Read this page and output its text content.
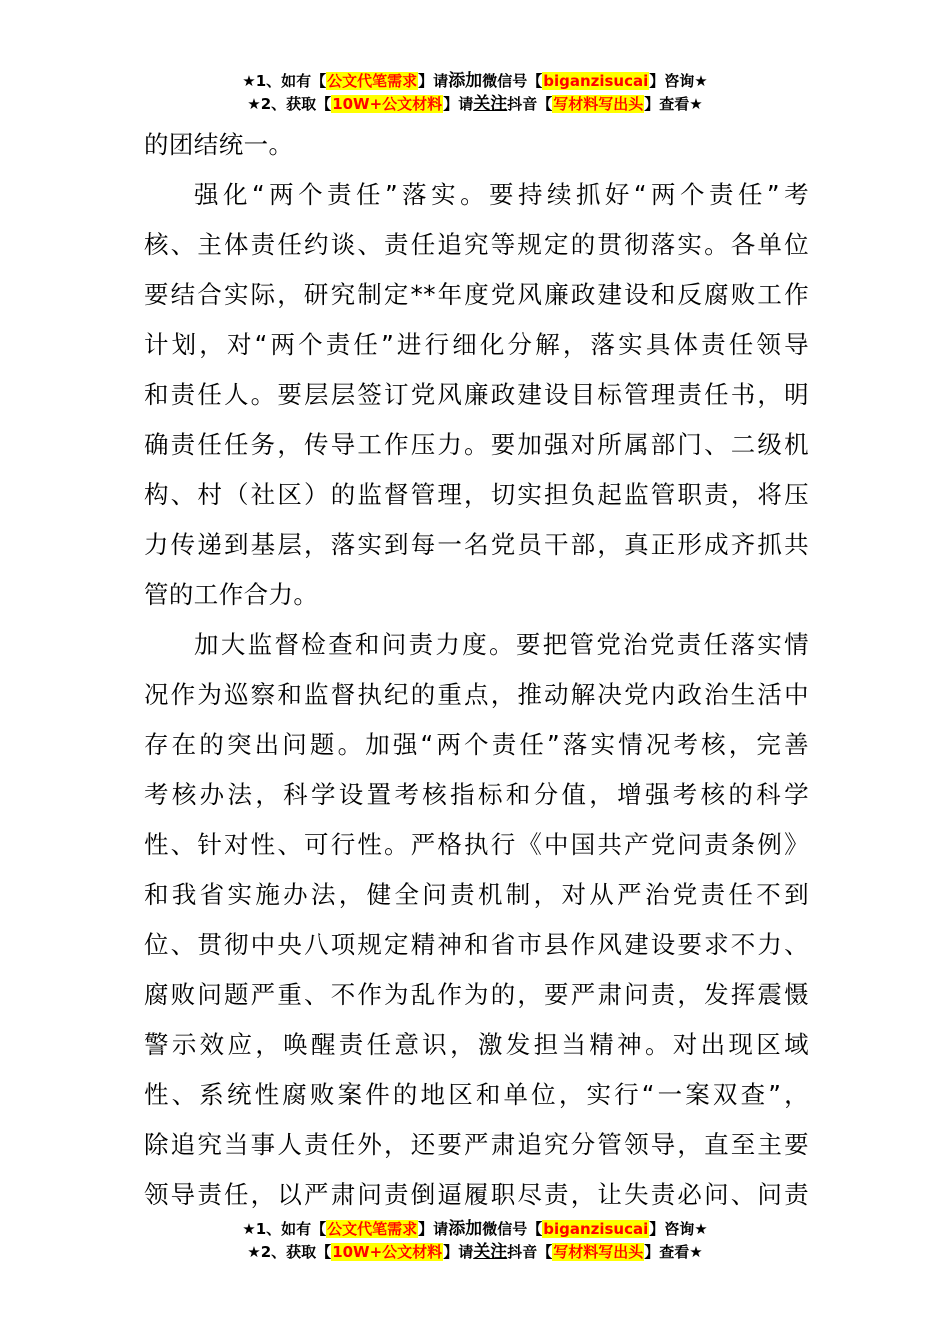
★1、如有【公文代笔需求】请添加微信号【biganzisucai】咨询★
★2、获取【10W+公文材料】请关注抖音【写材料写出头】查看★
的团结统一。
强化“两个责任”落实。要持续抓好“两个责任”考
核、主体责任约谈、责任追究等规定的贯彻落实。各单位
要结合实际，研究制定**年度党风廉政建设和反腐败工作
计划，对“两个责任”进行细化分解，落实具体责任领导
和责任人。要层层签订党风廉政建设目标管理责任书，明
确责任任务，传导工作压力。要加强对所属部门、二级机
构、村（社区）的监督管理，切实担负起监管职责，将压
力传递到基层，落实到每一名党员干部，真正形成齐抓共
管的工作合力。
加大监督检查和问责力度。要把管党治党责任落实情
况作为巡察和监督执纪的重点，推动解决党内政治生活中
存在的突出问题。加强“两个责任”落实情况考核，完善
考核办法，科学设置考核指标和分值，增强考核的科学
性、针对性、可行性。严格执行《中国共产党问责条例》
和我省实施办法，健全问责机制，对从严治党责任不到
位、贯彻中央八项规定精神和省市县作风建设要求不力、
腐败问题严重、不作为乱作为的，要严肃问责，发挥震慑
警示效应，唤醒责任意识，激发担当精神。对出现区域
性、系统性腐败案件的地区和单位，实行“一案双查”，
除追究当事人责任外，还要严肃追究分管领导，直至主要
领导责任，以严肃问责倒逼履职尽责，让失责必问、问责
★1、如有【公文代笔需求】请添加微信号【biganzisucai】咨询★
★2、获取【10W+公文材料】请关注抖音【写材料写出头】查看★
